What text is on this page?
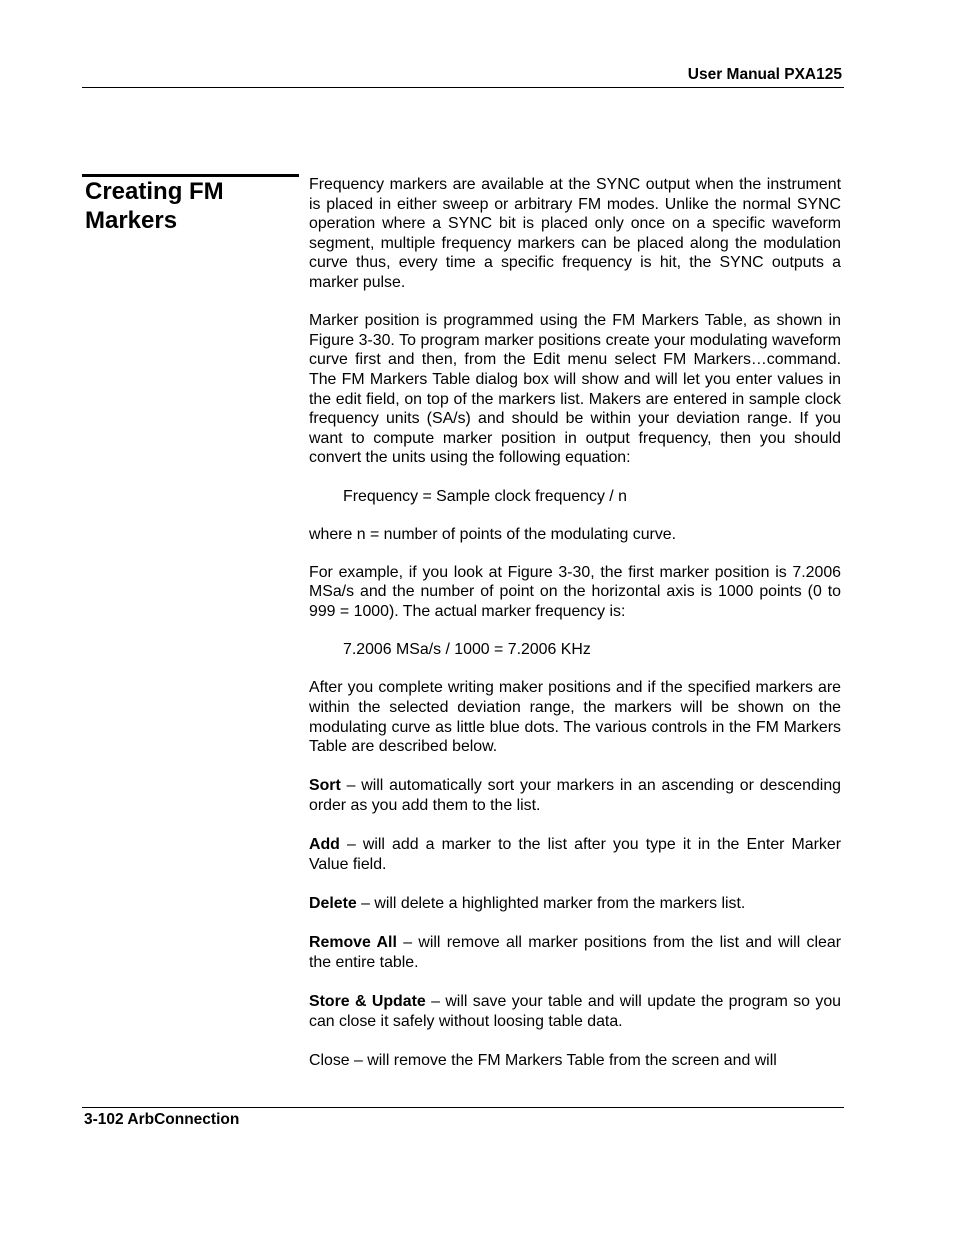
User Manual PXA125
Creating FM Markers

Frequency markers are available at the SYNC output when the instrument is placed in either sweep or arbitrary FM modes. Unlike the normal SYNC operation where a SYNC bit is placed only once on a specific waveform segment, multiple frequency markers can be placed along the modulation curve thus, every time a specific frequency is hit, the SYNC outputs a marker pulse.

Marker position is programmed using the FM Markers Table, as shown in Figure 3-30. To program marker positions create your modulating waveform curve first and then, from the Edit menu select FM Markers…command. The FM Markers Table dialog box will show and will let you enter values in the edit field, on top of the markers list. Makers are entered in sample clock frequency units (SA/s) and should be within your deviation range. If you want to compute marker position in output frequency, then you should convert the units using the following equation:

Frequency = Sample clock frequency / n

where n = number of points of the modulating curve.

For example, if you look at Figure 3-30, the first marker position is 7.2006 MSa/s and the number of point on the horizontal axis is 1000 points (0 to 999 = 1000). The actual marker frequency is:

7.2006 MSa/s / 1000 = 7.2006 KHz

After you complete writing maker positions and if the specified markers are within the selected deviation range, the markers will be shown on the modulating curve as little blue dots. The various controls in the FM Markers Table are described below.

Sort – will automatically sort your markers in an ascending or descending order as you add them to the list.

Add – will add a marker to the list after you type it in the Enter Marker Value field.

Delete – will delete a highlighted marker from the markers list.

Remove All – will remove all marker positions from the list and will clear the entire table.

Store & Update – will save your table and will update the program so you can close it safely without loosing table data.

Close – will remove the FM Markers Table from the screen and will

3-102 ArbConnection
